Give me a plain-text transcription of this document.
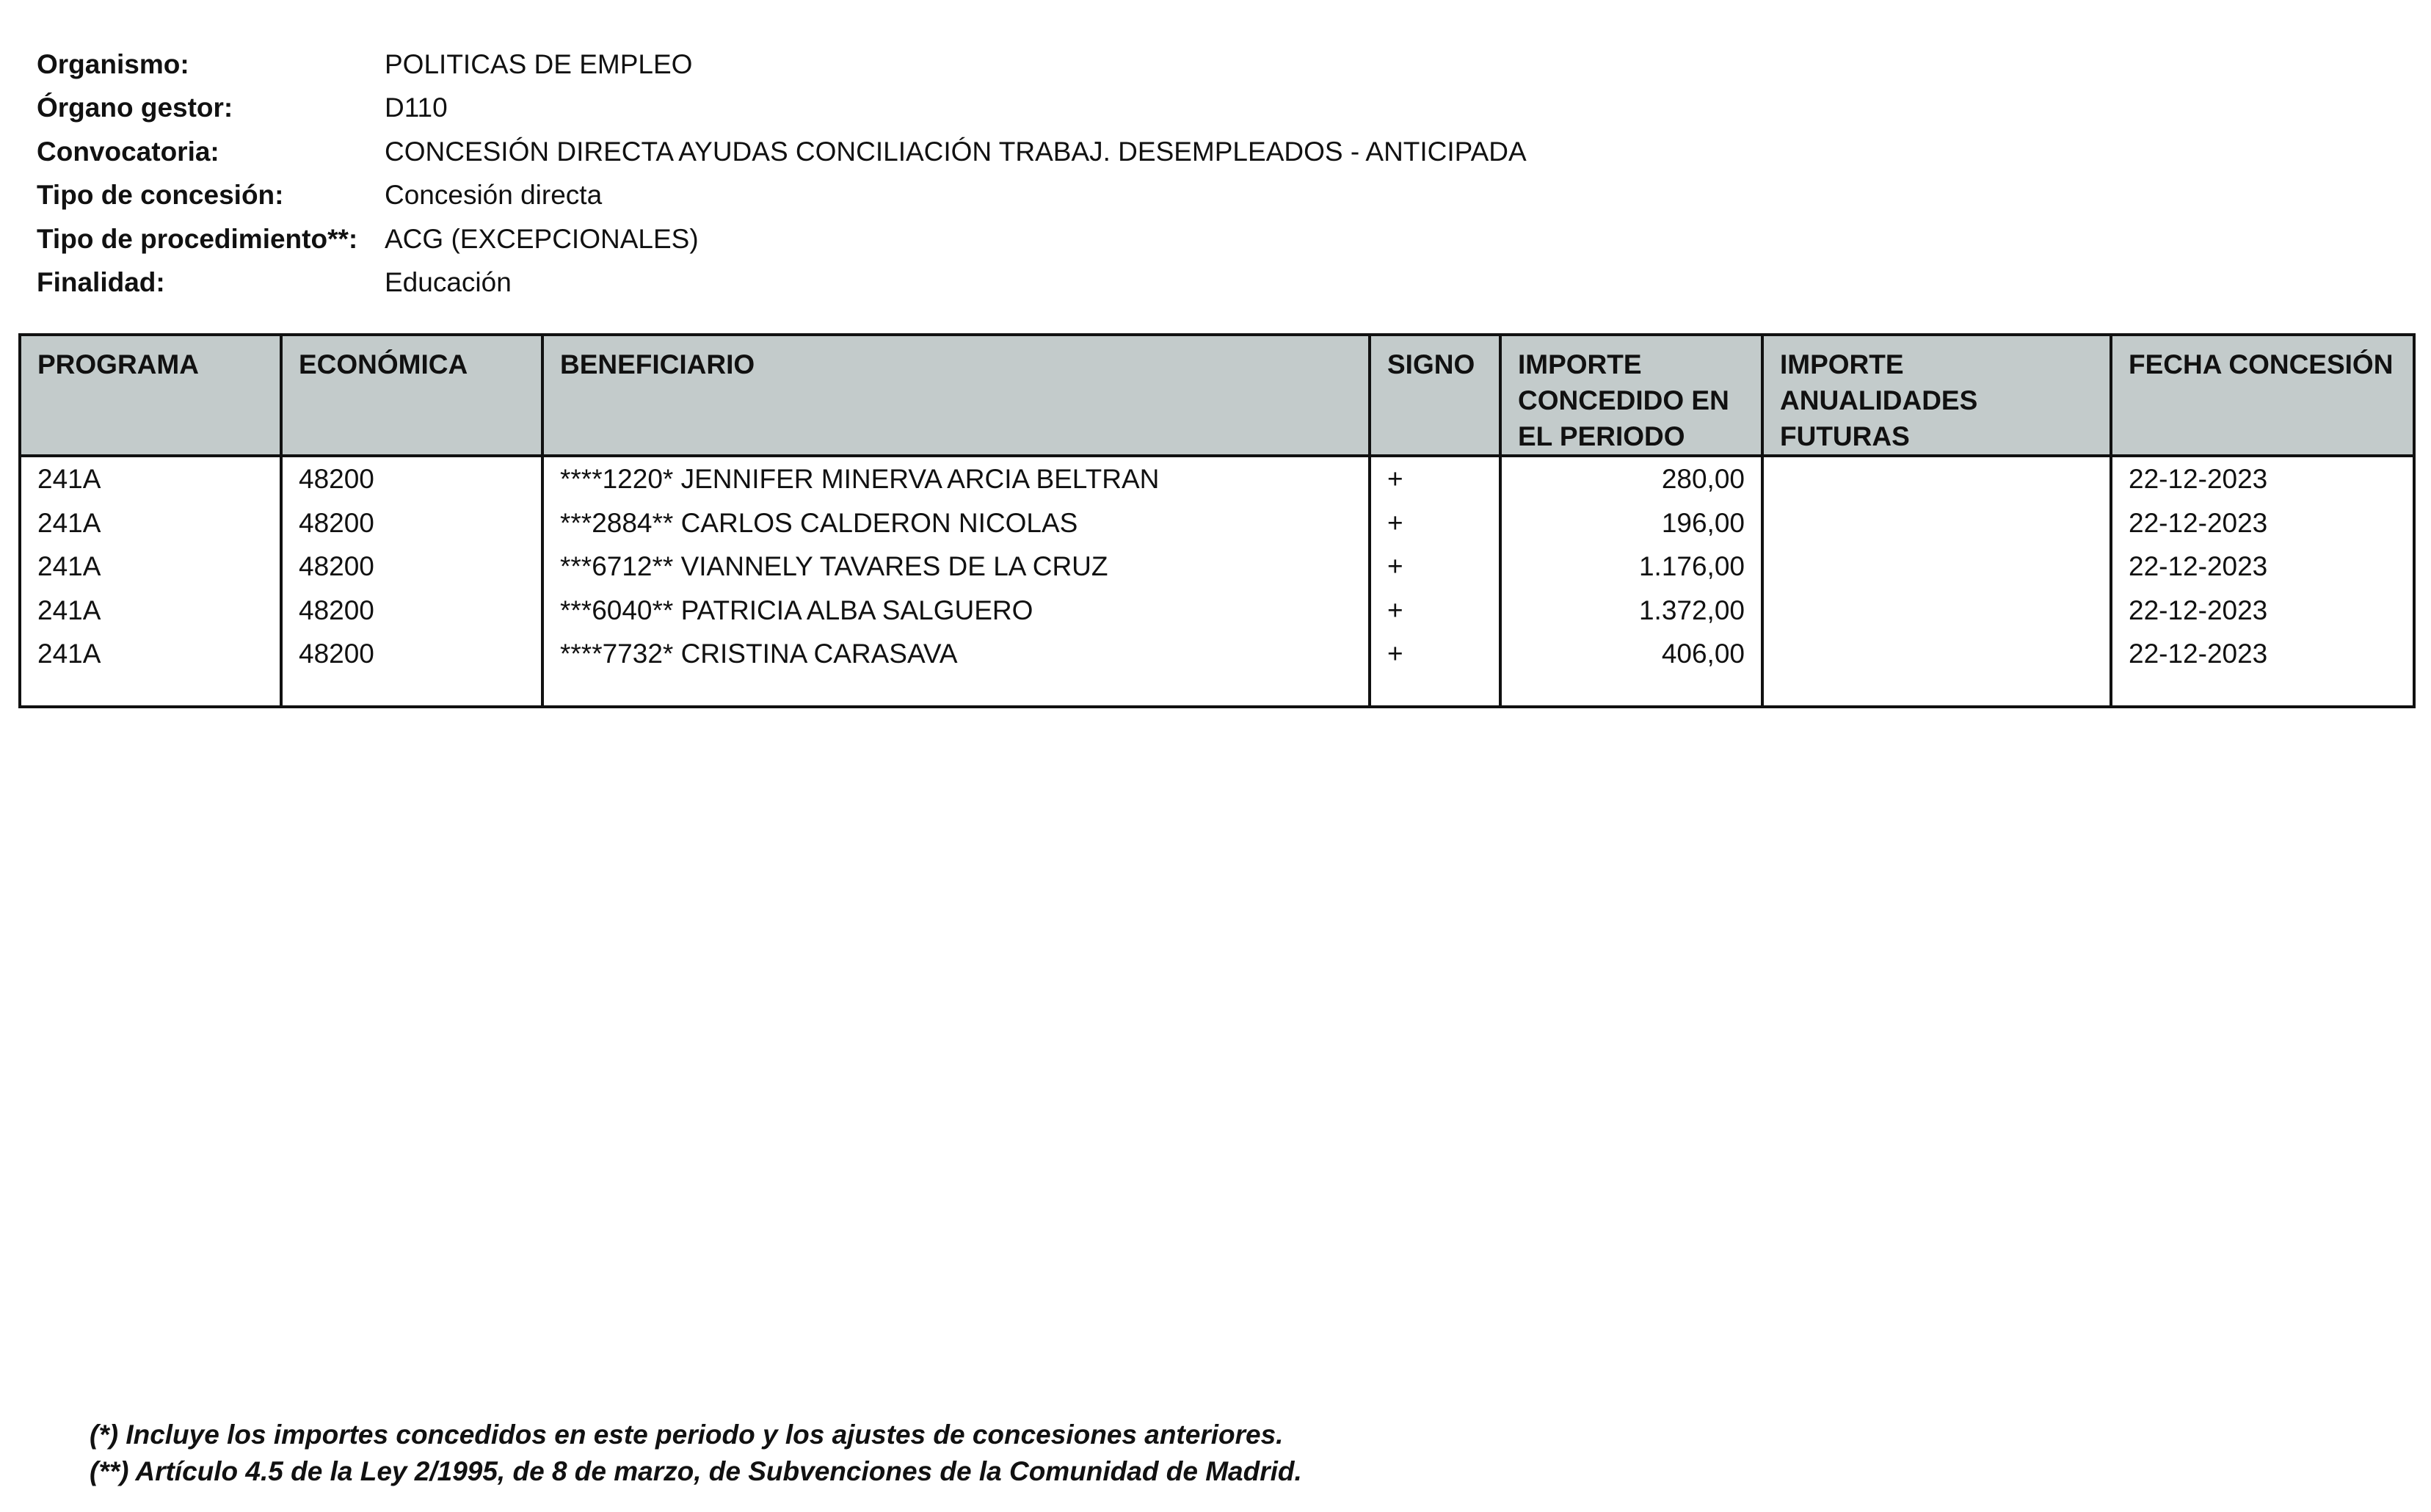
Organismo:	POLITICAS DE EMPLEO
Órgano gestor:	D110
Convocatoria:	CONCESIÓN DIRECTA AYUDAS CONCILIACIÓN TRABAJ. DESEMPLEADOS - ANTICIPADA
Tipo de concesión:	Concesión directa
Tipo de procedimiento**: ACG (EXCEPCIONALES)
Finalidad:	Educación
PROGRAMA	ECONÓMICA	BENEFICIARIO	SIGNO	IMPORTE CONCEDIDO EN EL PERIODO	IMPORTE ANUALIDADES FUTURAS	FECHA CONCESIÓN
241A	48200	****1220* JENNIFER MINERVA ARCIA BELTRAN	+	280,00		22-12-2023
241A	48200	***2884** CARLOS CALDERON NICOLAS	+	196,00		22-12-2023
241A	48200	***6712** VIANNELY TAVARES DE LA CRUZ	+	1.176,00		22-12-2023
241A	48200	***6040** PATRICIA ALBA SALGUERO	+	1.372,00		22-12-2023
241A	48200	****7732* CRISTINA CARASAVA	+	406,00		22-12-2023

(*) Incluye los importes concedidos en este periodo y los ajustes de concesiones anteriores.
(**) Artículo 4.5 de la Ley 2/1995, de 8 de marzo, de Subvenciones de la Comunidad de Madrid.
